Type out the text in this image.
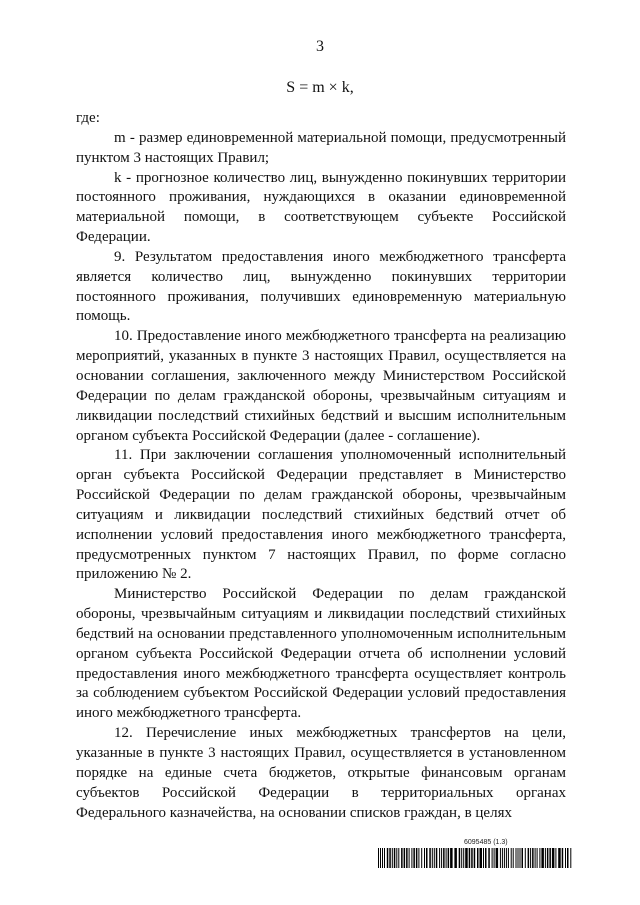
3
S = m × k,

где:

m - размер единовременной материальной помощи, предусмотренный пунктом 3 настоящих Правил;

k - прогнозное количество лиц, вынужденно покинувших территории постоянного проживания, нуждающихся в оказании единовременной материальной помощи, в соответствующем субъекте Российской Федерации.

9. Результатом предоставления иного межбюджетного трансферта является количество лиц, вынужденно покинувших территории постоянного проживания, получивших единовременную материальную помощь.

10. Предоставление иного межбюджетного трансферта на реализацию мероприятий, указанных в пункте 3 настоящих Правил, осуществляется на основании соглашения, заключенного между Министерством Российской Федерации по делам гражданской обороны, чрезвычайным ситуациям и ликвидации последствий стихийных бедствий и высшим исполнительным органом субъекта Российской Федерации (далее - соглашение).

11. При заключении соглашения уполномоченный исполнительный орган субъекта Российской Федерации представляет в Министерство Российской Федерации по делам гражданской обороны, чрезвычайным ситуациям и ликвидации последствий стихийных бедствий отчет об исполнении условий предоставления иного межбюджетного трансферта, предусмотренных пунктом 7 настоящих Правил, по форме согласно приложению № 2.

Министерство Российской Федерации по делам гражданской обороны, чрезвычайным ситуациям и ликвидации последствий стихийных бедствий на основании представленного уполномоченным исполнительным органом субъекта Российской Федерации отчета об исполнении условий предоставления иного межбюджетного трансферта осуществляет контроль за соблюдением субъектом Российской Федерации условий предоставления иного межбюджетного трансферта.

12. Перечисление иных межбюджетных трансфертов на цели, указанные в пункте 3 настоящих Правил, осуществляется в установленном порядке на единые счета бюджетов, открытые финансовым органам субъектов Российской Федерации в территориальных органах Федерального казначейства, на основании списков граждан, в целях

6095485 (1.3)
